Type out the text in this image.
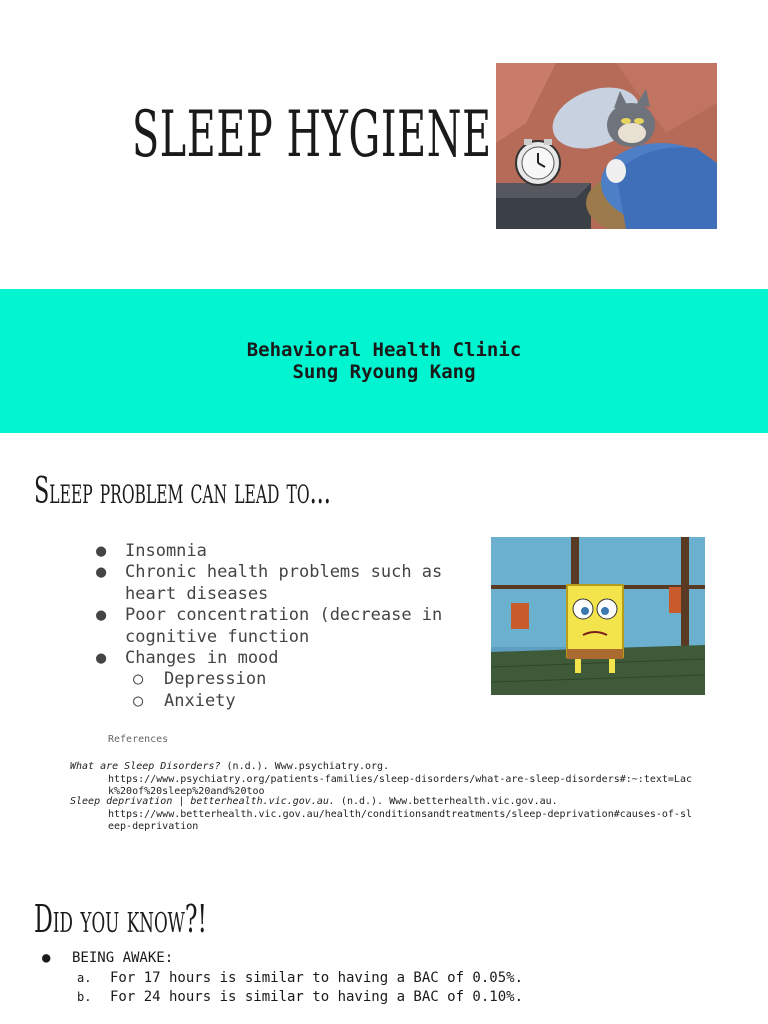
SLEEP HYGIENE
Behavioral Health Clinic
Sung Ryoung Kang
Sleep problem can lead to...
●	Insomnia
●	Chronic health problems such as
heart diseases
●	Poor concentration (decrease in
cognitive function
●	Changes in mood
○	Depression
○	Anxiety
References
What are Sleep Disorders? (n.d.). Www.psychiatry.org.
https://www.psychiatry.org/patients-families/sleep-disorders/what-are-sleep-disorders#:~:text=Lac
k%20of%20sleep%20and%20too
Sleep deprivation | betterhealth.vic.gov.au. (n.d.). Www.betterhealth.vic.gov.au.
https://www.betterhealth.vic.gov.au/health/conditionsandtreatments/sleep-deprivation#causes-of-sl
eep-deprivation
Did you know?!
● BEING AWAKE:
a. For 17 hours is similar to having a BAC of 0.05%.
b. For 24 hours is similar to having a BAC of 0.10%.
